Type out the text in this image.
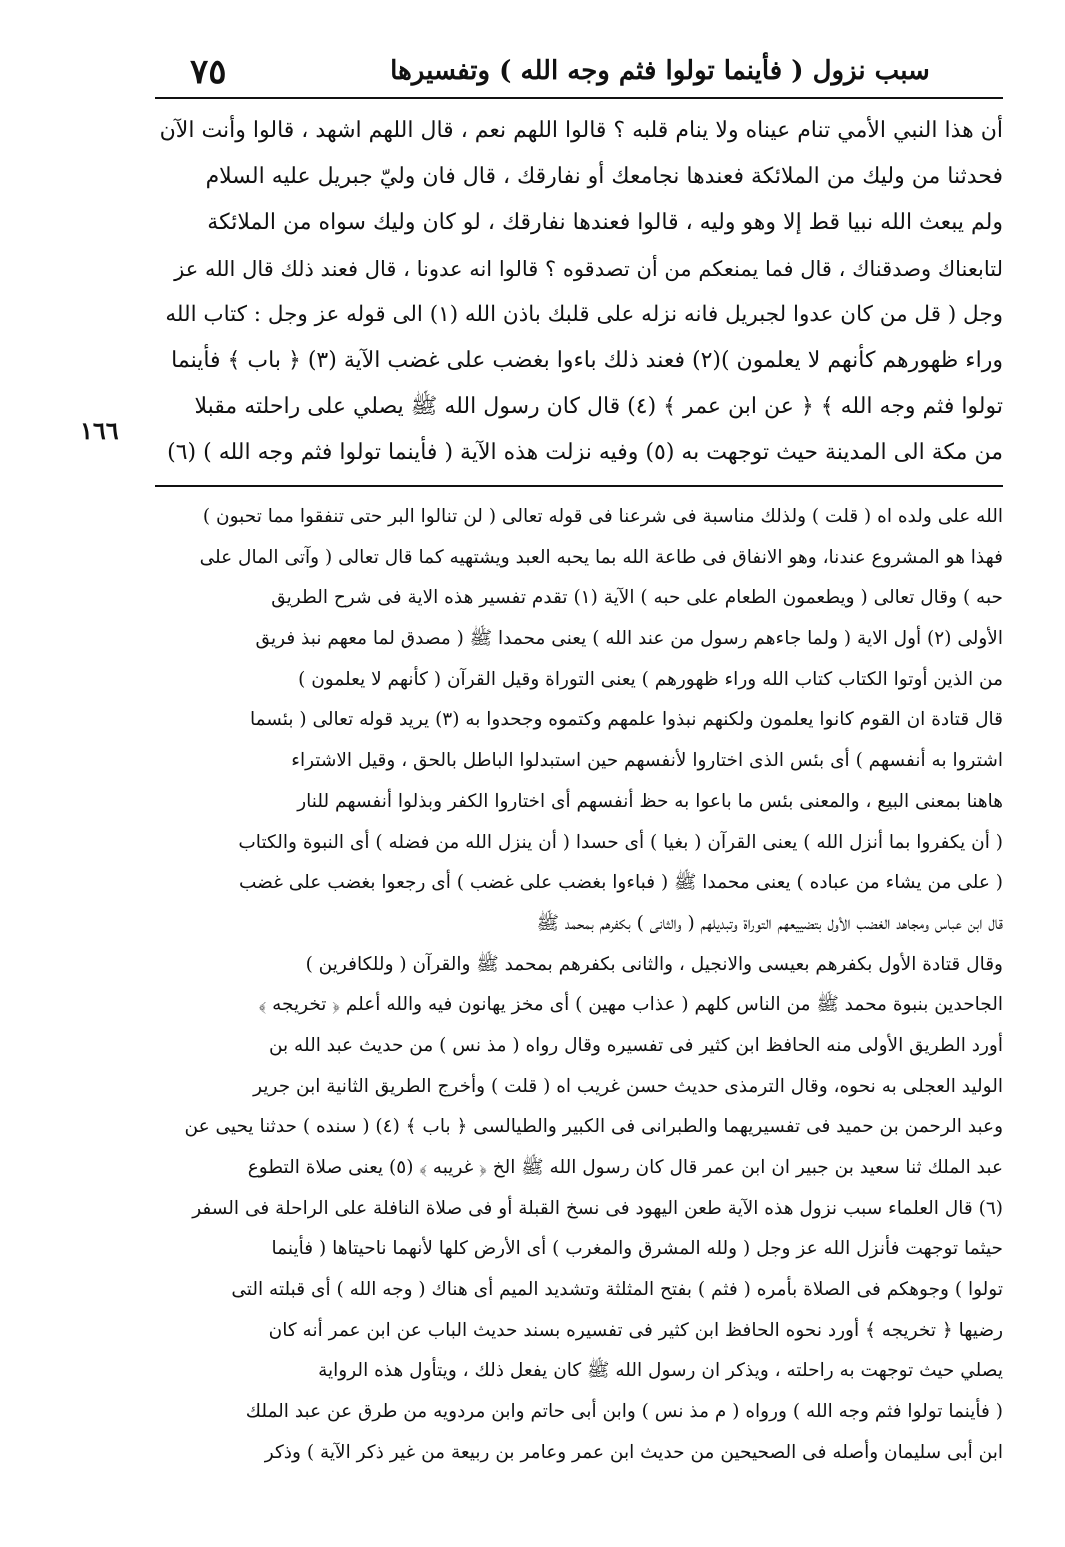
سبب نزول ( فأينما تولوا فثم وجه الله ) وتفسيرها
٧٥
١٦٦
أن هذا النبي الأمي تنام عيناه ولا ينام قلبه ؟ قالوا اللهم نعم ، قال اللهم اشهد ، قالوا وأنت الآن
فحدثنا من وليك من الملائكة فعندها نجامعك أو نفارقك ، قال فان وليّ جبريل عليه السلام
ولم يبعث الله نبيا قط إلا وهو وليه ، قالوا فعندها نفارقك ، لو كان وليك سواه من الملائكة
لتابعناك وصدقناك ، قال فما يمنعكم من أن تصدقوه ؟ قالوا انه عدونا ، قال فعند ذلك قال الله عز
وجل ( قل من كان عدوا لجبريل فانه نزله على قلبك باذن الله (١) الى قوله عز وجل : كتاب الله
وراء ظهورهم كأنهم لا يعلمون )(٢) فعند ذلك باءوا بغضب على غضب الآية (٣) ﴿ باب ﴾ فأينما
تولوا فثم وجه الله ﴾ ﴿ عن ابن عمر ﴾ (٤) قال كان رسول الله ﷺ يصلي على راحلته مقبلا
من مكة الى المدينة حيث توجهت به (٥) وفيه نزلت هذه الآية ( فأينما تولوا فثم وجه الله ) (٦)
الله على ولده اه ( قلت ) ولذلك مناسبة فى شرعنا فى قوله تعالى ( لن تنالوا البر حتى تنفقوا مما تحبون )
فهذا هو المشروع عندنا، وهو الانفاق فى طاعة الله بما يحبه العبد ويشتهيه كما قال تعالى ( وآتى المال على
حبه ) وقال تعالى ( ويطعمون الطعام على حبه ) الآية (١) تقدم تفسير هذه الاية فى شرح الطريق
الأولى (٢) أول الاية ( ولما جاءهم رسول من عند الله ) يعنى محمدا ﷺ ( مصدق لما معهم نبذ فريق
من الذين أوتوا الكتاب كتاب الله وراء ظهورهم ) يعنى التوراة وقيل القرآن ( كأنهم لا يعلمون )
قال قتادة ان القوم كانوا يعلمون ولكنهم نبذوا علمهم وكتموه وجحدوا به (٣) يريد قوله تعالى ( بئسما
اشتروا به أنفسهم ) أى بئس الذى اختاروا لأنفسهم حين استبدلوا الباطل بالحق ، وقيل الاشتراء
هاهنا بمعنى البيع ، والمعنى بئس ما باعوا به حظ أنفسهم أى اختاروا الكفر وبذلوا أنفسهم للنار
( أن يكفروا بما أنزل الله ) يعنى القرآن ( بغيا ) أى حسدا ( أن ينزل الله من فضله ) أى النبوة والكتاب
( على من يشاء من عباده ) يعنى محمدا ﷺ ( فباءوا بغضب على غضب ) أى رجعوا بغضب على غضب
قال ابن عباس ومجاهد الغضب الأول بتضييعهم التوراة وتبديلهم ( والثانى ) بكفرهم بمحمد ﷺ
وقال قتادة الأول بكفرهم بعيسى والانجيل ، والثانى بكفرهم بمحمد ﷺ والقرآن ( وللكافرين )
الجاحدين بنبوة محمد ﷺ من الناس كلهم ( عذاب مهين ) أى مخز يهانون فيه والله أعلم ﴿ تخريجه ﴾
أورد الطريق الأولى منه الحافظ ابن كثير فى تفسيره وقال رواه ( مذ نس ) من حديث عبد الله بن
الوليد العجلى به نحوه، وقال الترمذى حديث حسن غريب اه ( قلت ) وأخرج الطريق الثانية ابن جرير
وعبد الرحمن بن حميد فى تفسيريهما والطبرانى فى الكبير والطيالسى ﴿ باب ﴾ (٤) ( سنده ) حدثنا يحيى عن
عبد الملك ثنا سعيد بن جبير ان ابن عمر قال كان رسول الله ﷺ الخ ﴿ غريبه ﴾ (٥) يعنى صلاة التطوع
(٦) قال العلماء سبب نزول هذه الآية طعن اليهود فى نسخ القبلة أو فى صلاة النافلة على الراحلة فى السفر
حيثما توجهت فأنزل الله عز وجل ( ولله المشرق والمغرب ) أى الأرض كلها لأنهما ناحيتاها ( فأينما
تولوا ) وجوهكم فى الصلاة بأمره ( فثم ) بفتح المثلثة وتشديد الميم أى هناك ( وجه الله ) أى قبلته التى
رضيها ﴿ تخريجه ﴾ أورد نحوه الحافظ ابن كثير فى تفسيره بسند حديث الباب عن ابن عمر أنه كان
يصلي حيث توجهت به راحلته ، ويذكر ان رسول الله ﷺ كان يفعل ذلك ، ويتأول هذه الرواية
( فأينما تولوا فثم وجه الله ) ورواه ( م مذ نس ) وابن أبى حاتم وابن مردويه من طرق عن عبد الملك
ابن أبى سليمان وأصله فى الصحيحين من حديث ابن عمر وعامر بن ربيعة من غير ذكر الآية ) وذكر
